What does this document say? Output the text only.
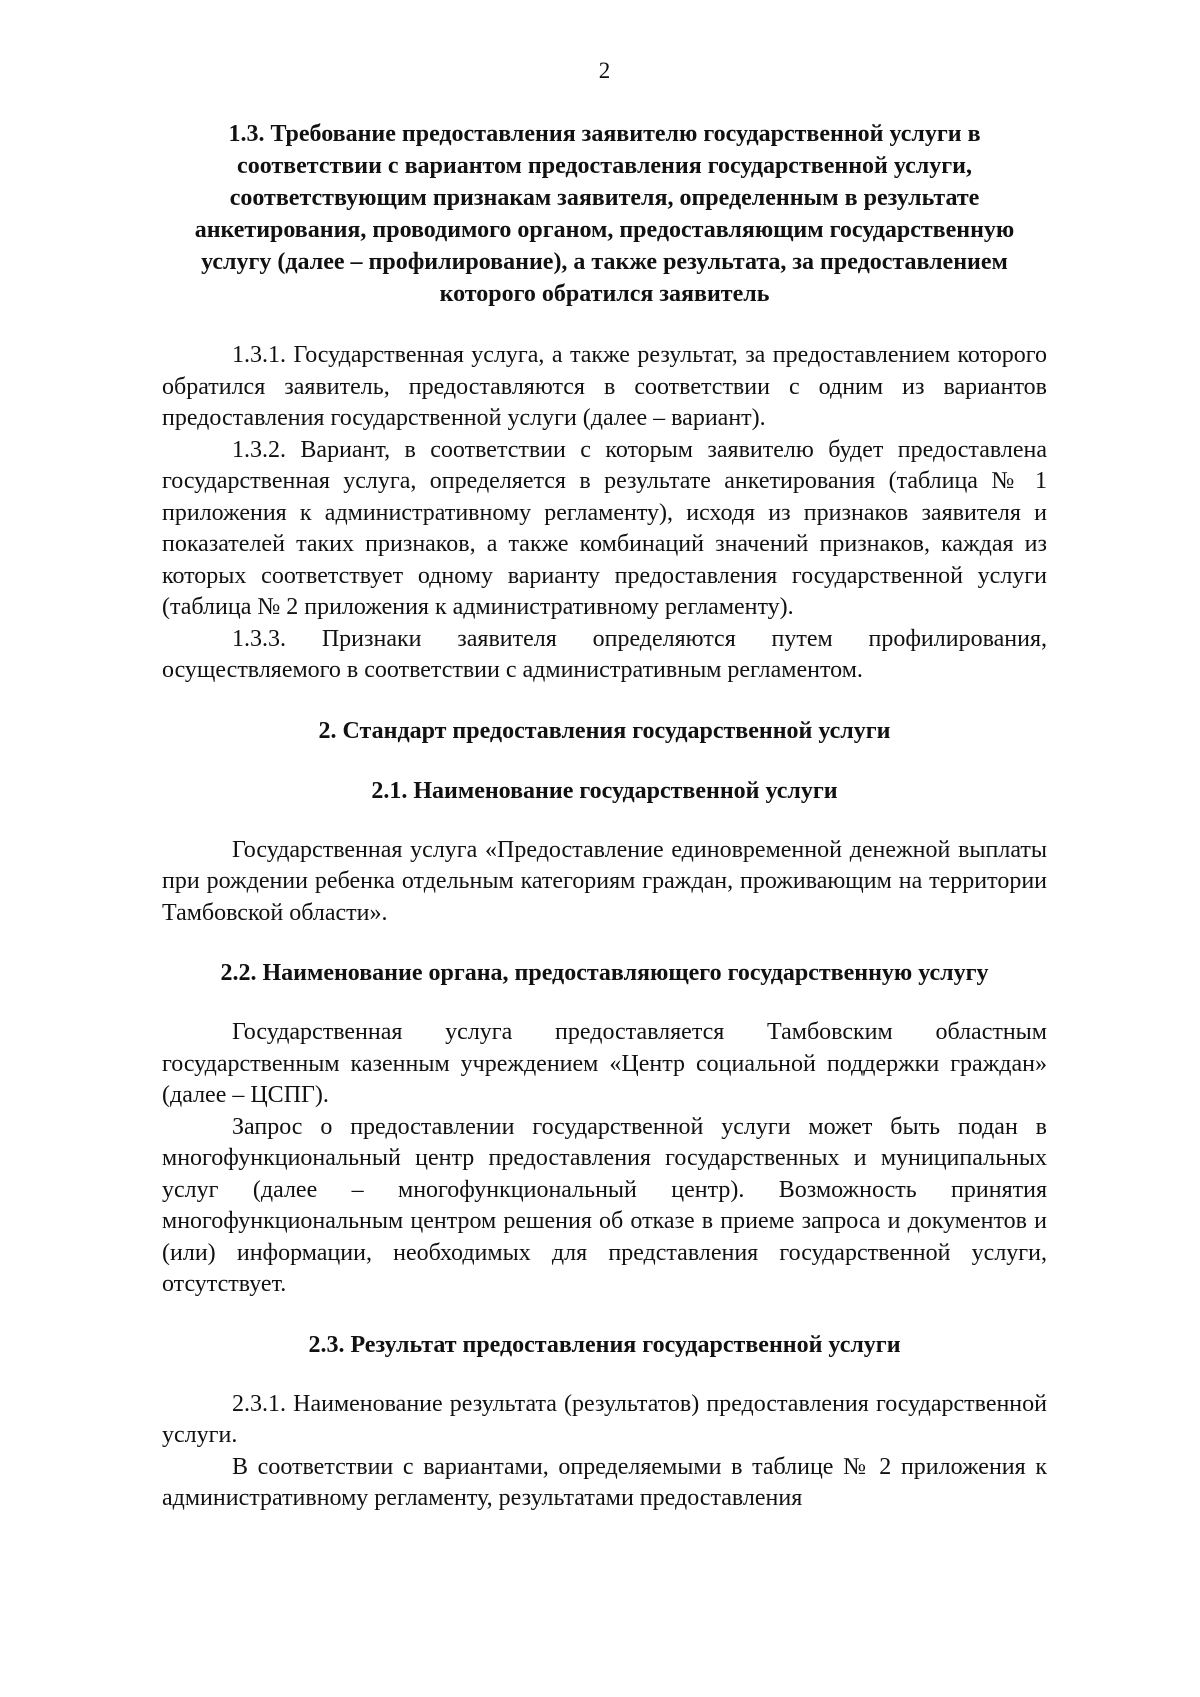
2
1.3. Требование предоставления заявителю государственной услуги в соответствии с вариантом предоставления государственной услуги, соответствующим признакам заявителя, определенным в результате анкетирования, проводимого органом, предоставляющим государственную услугу (далее – профилирование), а также результата, за предоставлением которого обратился заявитель

1.3.1. Государственная услуга, а также результат, за предоставлением которого обратился заявитель, предоставляются в соответствии с одним из вариантов предоставления государственной услуги (далее – вариант).

1.3.2. Вариант, в соответствии с которым заявителю будет предоставлена государственная услуга, определяется в результате анкетирования (таблица № 1 приложения к административному регламенту), исходя из признаков заявителя и показателей таких признаков, а также комбинаций значений признаков, каждая из которых соответствует одному варианту предоставления государственной услуги (таблица № 2 приложения к административному регламенту).

1.3.3. Признаки заявителя определяются путем профилирования, осуществляемого в соответствии с административным регламентом.

2. Стандарт предоставления государственной услуги
2.1. Наименование государственной услуги

Государственная услуга «Предоставление единовременной денежной выплаты при рождении ребенка отдельным категориям граждан, проживающим на территории Тамбовской области».

2.2. Наименование органа, предоставляющего государственную услугу

Государственная услуга предоставляется Тамбовским областным государственным казенным учреждением «Центр социальной поддержки граждан» (далее – ЦСПГ).

Запрос о предоставлении государственной услуги может быть подан в многофункциональный центр предоставления государственных и муниципальных услуг (далее – многофункциональный центр). Возможность принятия многофункциональным центром решения об отказе в приеме запроса и документов и (или) информации, необходимых для представления государственной услуги, отсутствует.

2.3. Результат предоставления государственной услуги

2.3.1. Наименование результата (результатов) предоставления государственной услуги.

В соответствии с вариантами, определяемыми в таблице № 2 приложения к административному регламенту, результатами предоставления
